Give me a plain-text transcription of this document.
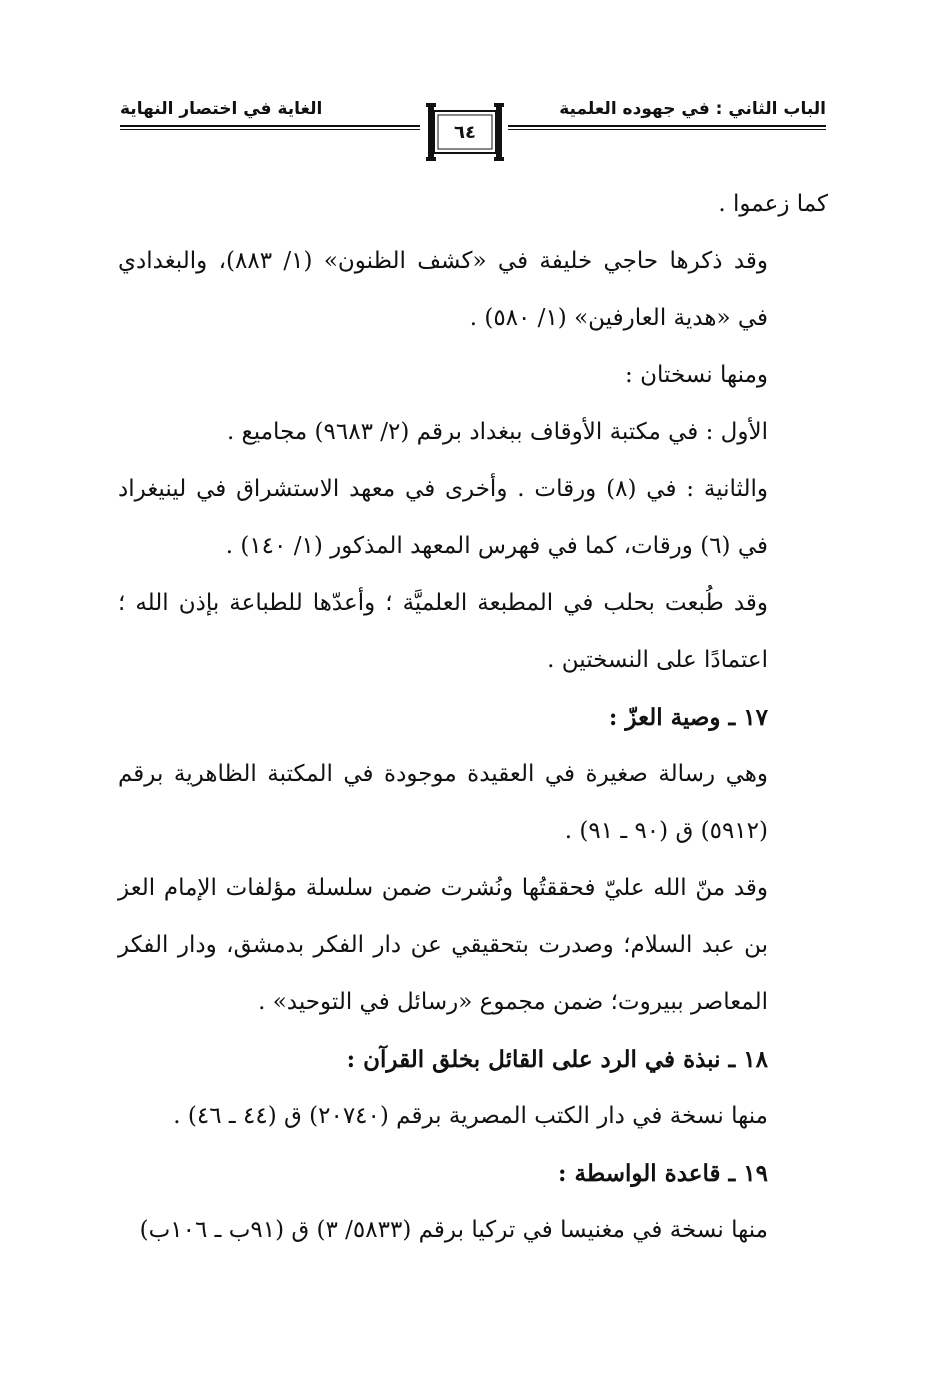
الباب الثاني : في جهوده العلمية
الغاية في اختصار النهاية
٦٤

كما زعموا .

وقد ذكرها حاجي خليفة في «كشف الظنون» (١/ ٨٨٣)، والبغدادي في «هدية العارفين» (١/ ٥٨٠) .

ومنها نسختان :

الأول : في مكتبة الأوقاف ببغداد برقم (٢/ ٩٦٨٣) مجاميع .

والثانية : في (٨) ورقات . وأخرى في معهد الاستشراق في لينيغراد في (٦) ورقات، كما في فهرس المعهد المذكور (١/ ١٤٠) .

وقد طُبعت بحلب في المطبعة العلميَّة ؛ وأعدّها للطباعة بإذن الله ؛ اعتمادًا على النسختين .

١٧ ـ وصية العزّ :

وهي رسالة صغيرة في العقيدة موجودة في المكتبة الظاهرية برقم (٥٩١٢) ق (٩٠ ـ ٩١) .

وقد منّ الله عليّ فحققتُها ونُشرت ضمن سلسلة مؤلفات الإمام العز بن عبد السلام؛ وصدرت بتحقيقي عن دار الفكر بدمشق، ودار الفكر المعاصر ببيروت؛ ضمن مجموع «رسائل في التوحيد» .

١٨ ـ نبذة في الرد على القائل بخلق القرآن :

منها نسخة في دار الكتب المصرية برقم (٢٠٧٤٠) ق (٤٤ ـ ٤٦) .

١٩ ـ قاعدة الواسطة :

منها نسخة في مغنيسا في تركيا برقم (٥٨٣٣/ ٣) ق (٩١ب ـ ١٠٦ب)
